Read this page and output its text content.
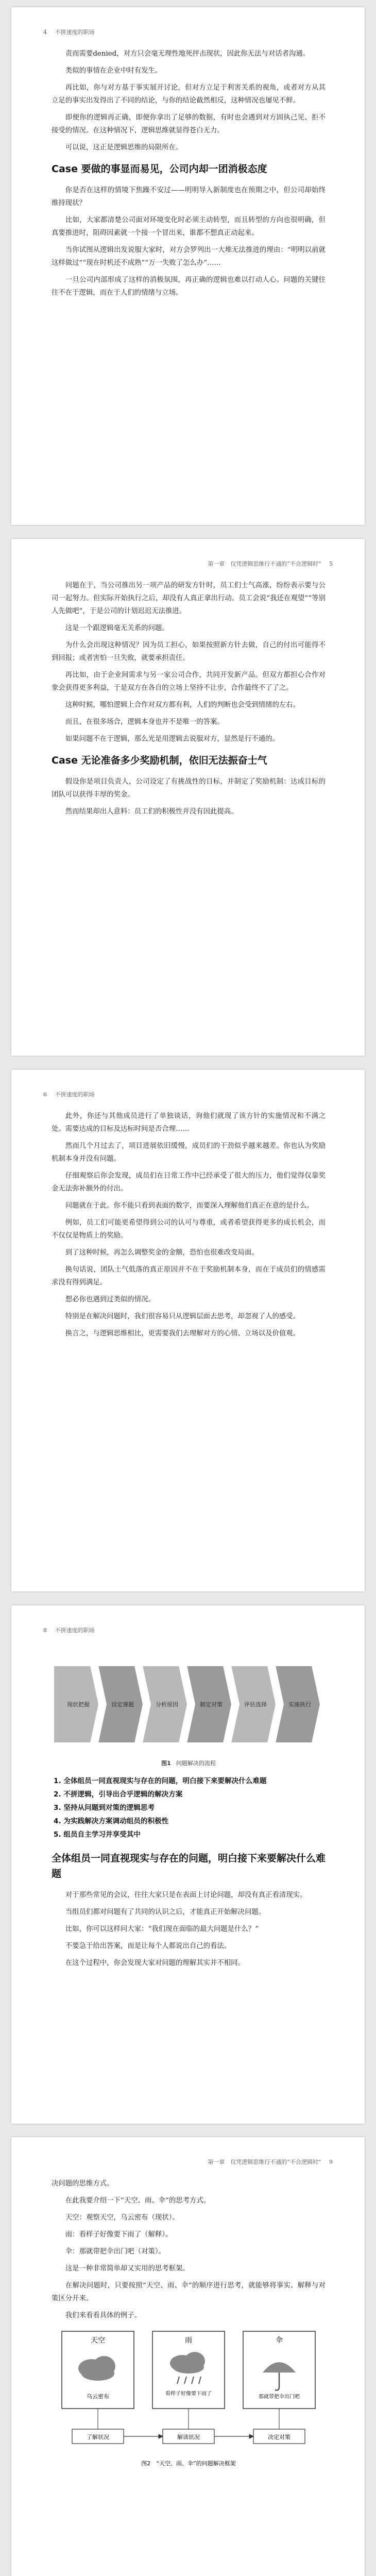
4 不拼速度的职场

责而需要denied，对方只会毫无理性地死抨击现状，因此你无法与对话者沟通。

类似的事情在企业中时有发生。

再比如，你与对方基于事实展开讨论，但对方立足于利害关系的视角，或者对方从其立足的事实出发得出了不同的结论，与你的结论截然相反，这种情况也屡见不鲜。

即便你的逻辑再正确，即便你拿出了足够的数据，有时也会遇到对方固执己见、拒不接受的情况。在这种情况下，逻辑思维就显得苍白无力。

可以说，这正是逻辑思维的局限所在。

Case 要做的事显而易见，公司内却一团消极态度

你是否在这样的情境下焦躁不安过——明明导入新制度也在预期之中，但公司却始终维持现状？

比如，大家都清楚公司面对环境变化时必须主动转型，而且转型的方向也很明确，但真要推进时，阻碍因素就一个接一个冒出来，谁都不想真正动起来。

当你试图从逻辑出发说服大家时，对方会罗列出一大堆无法推进的理由：“明明以前就这样做过”“现在时机还不成熟”“万一失败了怎么办”……

一旦公司内部形成了这样的消极氛围，再正确的逻辑也难以打动人心。问题的关键往往不在于逻辑，而在于人们的情绪与立场。

第一章　仅凭逻辑思维行不通的“不合逻辑时” 5

问题在于，当公司推出另一项产品的研发方针时，员工们士气高涨，纷纷表示要与公司一起努力。但实际开始执行之后，却没有人真正拿出行动。员工会说“我还在观望”“等别人先做吧”，于是公司的计划迟迟无法推进。

这是一个跟逻辑毫无关系的问题。

为什么会出现这种情况？因为员工担心，如果按照新方针去做，自己的付出可能得不到回报；或者害怕一旦失败，就要承担责任。

再比如，由于企业间需求与另一家公司合作，共同开发新产品。但双方都担心合作对象会获得更多利益，于是双方在各自的立场上坚持不让步，合作最终不了了之。

这种时候，哪怕逻辑上合作对双方都有利，人们的判断也会受到情绪的左右。

而且，在很多场合，逻辑本身也并不是唯一的答案。

如果问题不在于逻辑，那么光是用逻辑去说服对方，显然是行不通的。

Case 无论准备多少奖励机制，依旧无法振奋士气

假设你是项目负责人，公司设定了有挑战性的目标，并制定了奖励机制：达成目标的团队可以获得丰厚的奖金。

然而结果却出人意料：员工们的积极性并没有因此提高。

6 不拼速度的职场

此外，你还与其他成员进行了单独谈话，询他们就现了该方针的实施情况和不满之处。需要达成的目标及达标时间是否合理……

然而几个月过去了，项目进展依旧缓慢，成员们的干劲似乎越来越差。你也认为奖励机制本身并没有问题。

仔细观察后你会发现，成员们在日常工作中已经承受了很大的压力，他们觉得仅靠奖金无法弥补额外的付出。

问题就在于此。你不能只看到表面的数字，而要深入理解他们真正在意的是什么。

例如，员工们可能更希望得到公司的认可与尊重，或者希望获得更多的成长机会，而不仅仅是物质上的奖励。

到了这种时候，再怎么调整奖金的金额，恐怕也很难改变局面。

换句话说，团队士气低落的真正原因并不在于奖励机制本身，而在于成员们的情感需求没有得到满足。

想必你也遇到过类似的情况。

特别是在解决问题时，我们很容易只从逻辑层面去思考，却忽视了人的感受。

换言之，与逻辑思维相比，更需要我们去理解对方的心情、立场以及价值观。

8 不拼速度的职场
现状把握	设定课题	分析原因	制定对策	评估选择	实施执行
图1 问题解决的流程
1. 全体组员一同直视现实与存在的问题，明白接下来要解决什么难题
2. 不拼逻辑，引导出合乎逻辑的解决方案
3. 坚持从问题到对策的逻辑思考
4. 为实践解决方案调动组员的积极性
5. 组员自主学习并享受其中
全体组员一同直视现实与存在的问题，明白接下来要解决什么难题

对于那些常见的会议，往往大家只是在表面上讨论问题，却没有真正看清现实。

当组员们都对问题有了共同的认识之后，才能真正开始解决问题。

比如，你可以这样问大家：“我们现在面临的最大问题是什么？”

不要急于给出答案，而是让每个人都说出自己的看法。

在这个过程中，你会发现大家对问题的理解其实并不相同。

第一章　仅凭逻辑思维行不通的“不合逻辑时” 9

决问题的思维方式。

在此我要介绍一下“天空、雨、伞”的思考方式。

天空：观察天空，乌云密布（现状）。

雨：看样子好像要下雨了（解释）。

伞：那就带把伞出门吧（对策）。

这是一种非常简单却又实用的思考框架。

在解决问题时，只要按照“天空、雨、伞”的顺序进行思考，就能够将事实、解释与对策区分开来。

我们来看看具体的例子。

天空
乌云密布
雨
看样子好像要下雨了
伞
那就带把伞出门吧
了解状况	解读状况	决定对策
图2　“天空、雨、伞”的问题解决框架
